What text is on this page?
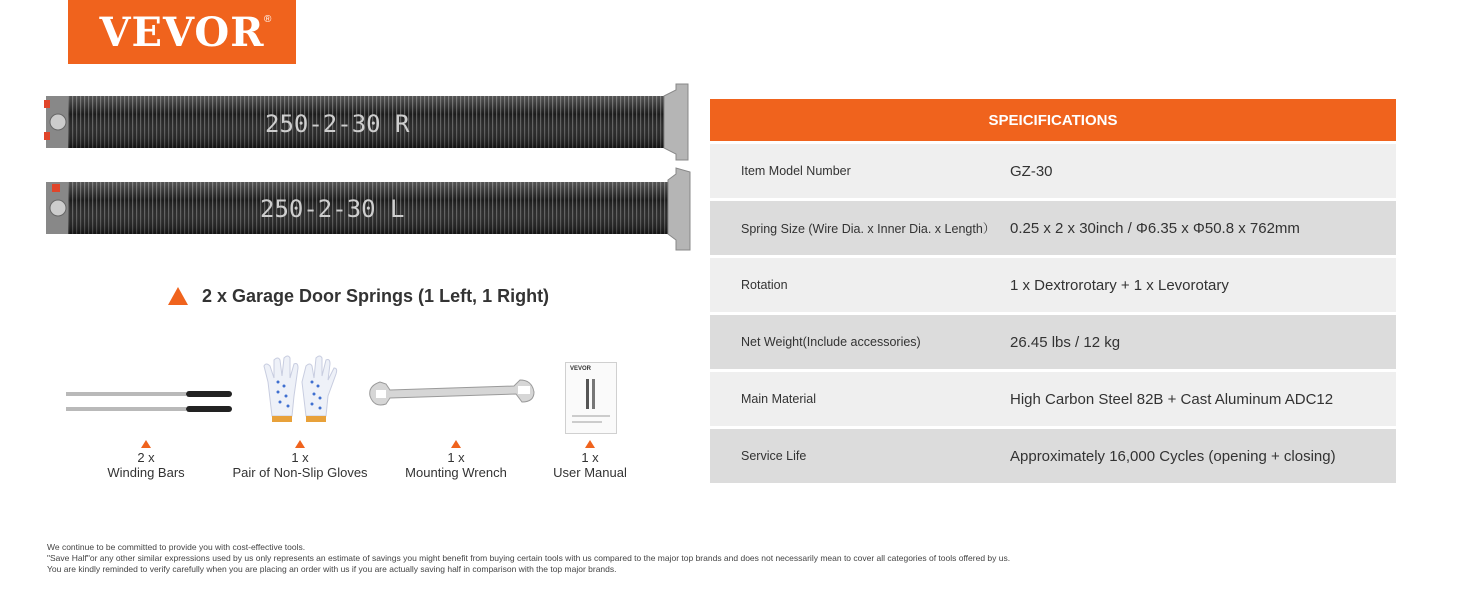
VEVOR ®
250-2-30 R
250-2-30 L
2 x Garage Door Springs (1 Left, 1 Right)
VEVOR
2 x
Winding Bars
1 x
Pair of Non-Slip Gloves
1 x
Mounting Wrench
1 x
User Manual
SPEICIFICATIONS
Item Model Number	GZ-30
Spring Size (Wire Dia. x Inner Dia. x Length） 0.25 x 2 x 30inch / Φ6.35 x Φ50.8 x 762mm
Rotation	1 x Dextrorotary + 1 x Levorotary
Net Weight(Include accessories)	26.45 lbs / 12 kg
Main Material	High Carbon Steel 82B + Cast Aluminum ADC12
Service Life	Approximately 16,000 Cycles (opening + closing)
We continue to be committed to provide you with cost-effective tools.
"Save Half"or any other similar expressions used by us only represents an estimate of savings you might benefit from buying certain tools with us compared to the major top brands and does not necessarily mean to cover all categories of tools offered by us.
You are kindly reminded to verify carefully when you are placing an order with us if you are actually saving half in comparison with the top major brands.
